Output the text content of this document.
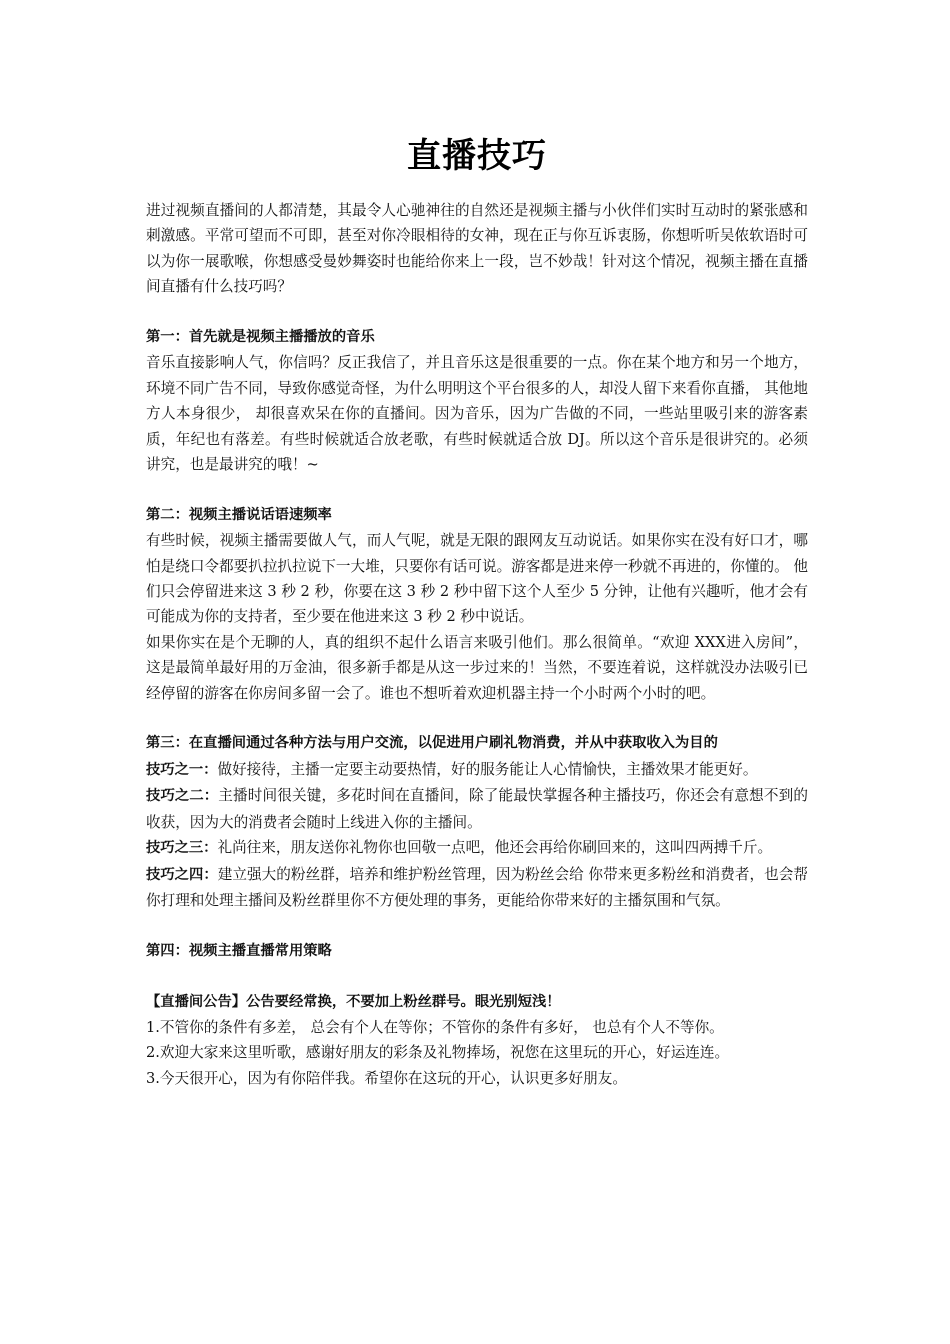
直播技巧

进过视频直播间的人都清楚，其最令人心驰神往的自然还是视频主播与小伙伴们实时互动时的紧张感和刺激感。平常可望而不可即，甚至对你冷眼相待的女神，现在正与你互诉衷肠，你想听听吴侬软语时可以为你一展歌喉，你想感受曼妙舞姿时也能给你来上一段，岂不妙哉！针对这个情况，视频主播在直播间直播有什么技巧吗？

第一：首先就是视频主播播放的音乐

音乐直接影响人气，你信吗？反正我信了，并且音乐这是很重要的一点。你在某个地方和另一个地方，环境不同广告不同，导致你感觉奇怪，为什么明明这个平台很多的人，却没人留下来看你直播， 其他地方人本身很少， 却很喜欢呆在你的直播间。因为音乐，因为广告做的不同，一些站里吸引来的游客素质，年纪也有落差。有些时候就适合放老歌，有些时候就适合放 DJ。所以这个音乐是很讲究的。必须讲究，也是最讲究的哦！~

第二：视频主播说话语速频率

有些时候，视频主播需要做人气，而人气呢，就是无限的跟网友互动说话。如果你实在没有好口才，哪怕是绕口令都要扒拉扒拉说下一大堆，只要你有话可说。游客都是进来停一秒就不再进的，你懂的。 他们只会停留进来这 3 秒 2 秒，你要在这 3 秒 2 秒中留下这个人至少 5 分钟，让他有兴趣听，他才会有可能成为你的支持者，至少要在他进来这 3 秒 2 秒中说话。

如果你实在是个无聊的人，真的组织不起什么语言来吸引他们。那么很简单。“欢迎 XXX进入房间”，这是最简单最好用的万金油，很多新手都是从这一步过来的！当然，不要连着说，这样就没办法吸引已经停留的游客在你房间多留一会了。谁也不想听着欢迎机器主持一个小时两个小时的吧。

第三：在直播间通过各种方法与用户交流，以促进用户刷礼物消费，并从中获取收入为目的

技巧之一：做好接待，主播一定要主动要热情，好的服务能让人心情愉快，主播效果才能更好。

技巧之二：主播时间很关键，多花时间在直播间，除了能最快掌握各种主播技巧，你还会有意想不到的收获，因为大的消费者会随时上线进入你的主播间。

技巧之三：礼尚往来，朋友送你礼物你也回敬一点吧，他还会再给你刷回来的，这叫四两搏千斤。

技巧之四：建立强大的粉丝群，培养和维护粉丝管理，因为粉丝会给 你带来更多粉丝和消费者，也会帮你打理和处理主播间及粉丝群里你不方便处理的事务，更能给你带来好的主播氛围和气氛。

第四：视频主播直播常用策略

【直播间公告】公告要经常换，不要加上粉丝群号。眼光别短浅！

1.不管你的条件有多差， 总会有个人在等你；不管你的条件有多好， 也总有个人不等你。

2.欢迎大家来这里听歌，感谢好朋友的彩条及礼物捧场，祝您在这里玩的开心，好运连连。

3.今天很开心，因为有你陪伴我。希望你在这玩的开心，认识更多好朋友。
